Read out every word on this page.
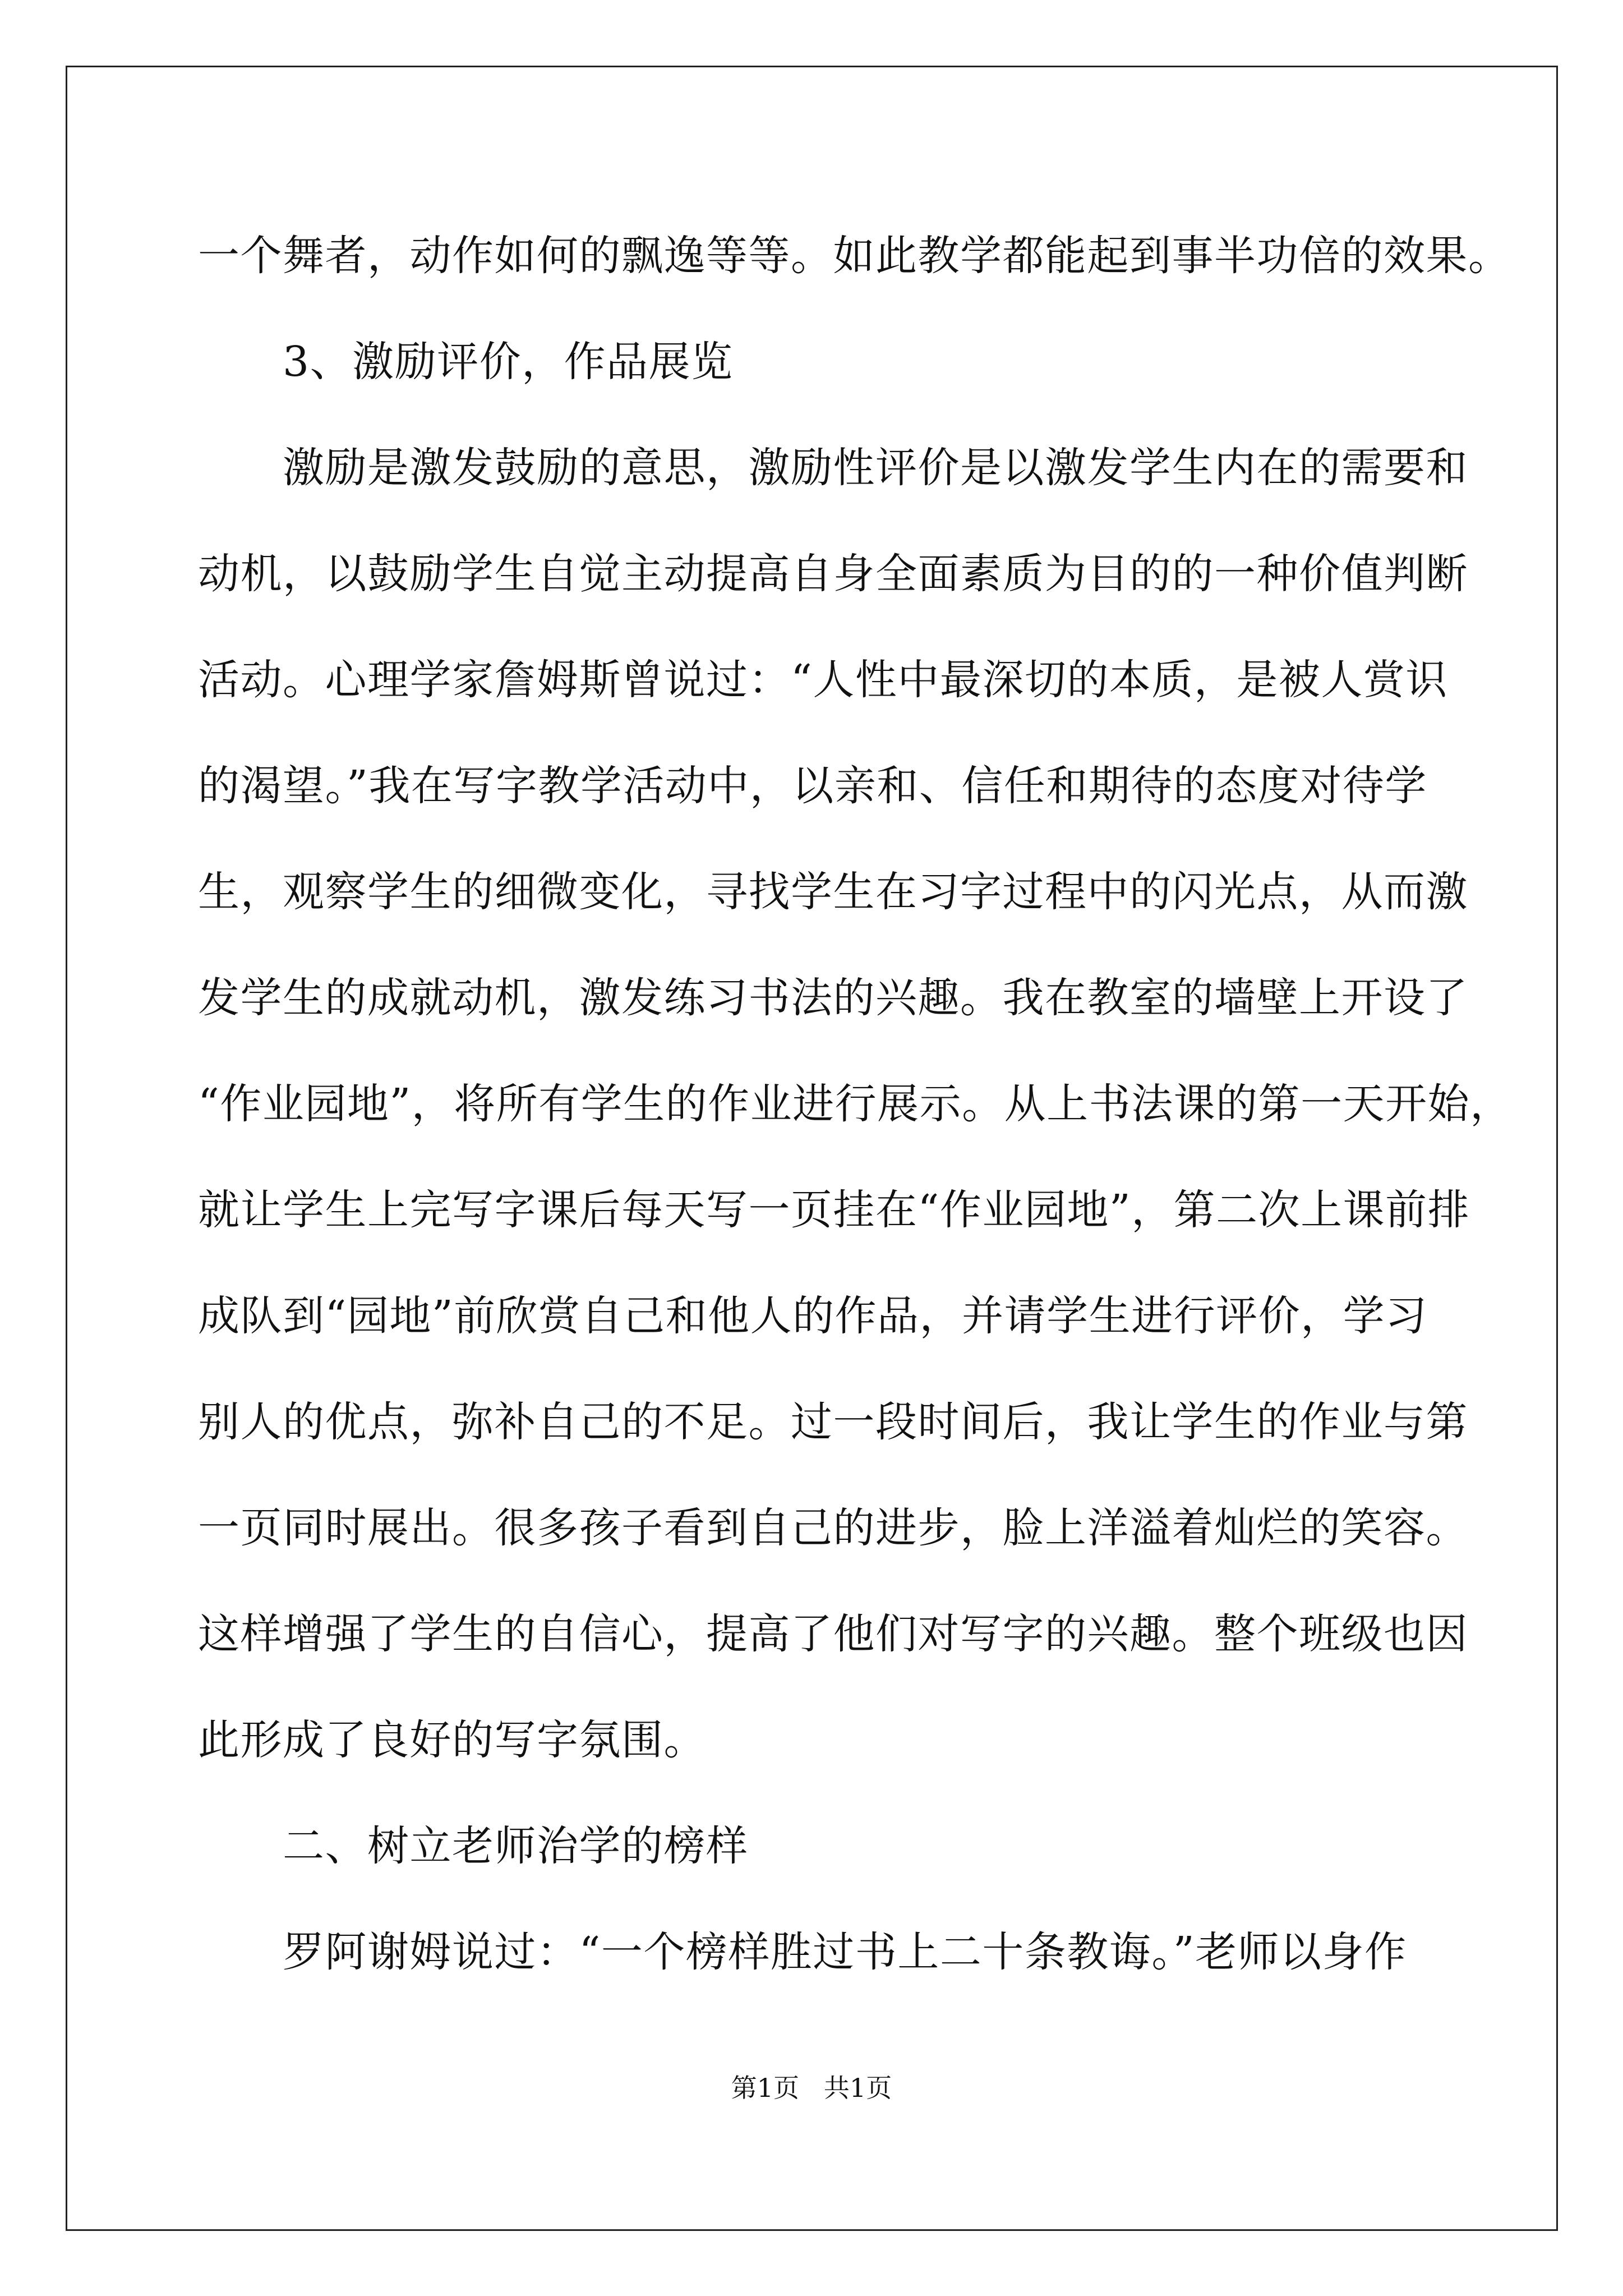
一个舞者，动作如何的飘逸等等。如此教学都能起到事半功倍的效果。
　　3、激励评价，作品展览
　　激励是激发鼓励的意思，激励性评价是以激发学生内在的需要和
动机，以鼓励学生自觉主动提高自身全面素质为目的的一种价值判断
活动。心理学家詹姆斯曾说过：“人性中最深切的本质，是被人赏识
的渴望。”我在写字教学活动中，以亲和、信任和期待的态度对待学
生，观察学生的细微变化，寻找学生在习字过程中的闪光点，从而激
发学生的成就动机，激发练习书法的兴趣。我在教室的墙壁上开设了
“作业园地”，将所有学生的作业进行展示。从上书法课的第一天开始，
就让学生上完写字课后每天写一页挂在“作业园地”，第二次上课前排
成队到“园地”前欣赏自己和他人的作品，并请学生进行评价，学习
别人的优点，弥补自己的不足。过一段时间后，我让学生的作业与第
一页同时展出。很多孩子看到自己的进步，脸上洋溢着灿烂的笑容。
这样增强了学生的自信心，提高了他们对写字的兴趣。整个班级也因
此形成了良好的写字氛围。
　　二、树立老师治学的榜样
　　罗阿谢姆说过：“一个榜样胜过书上二十条教诲。”老师以身作
第1页   共1页
